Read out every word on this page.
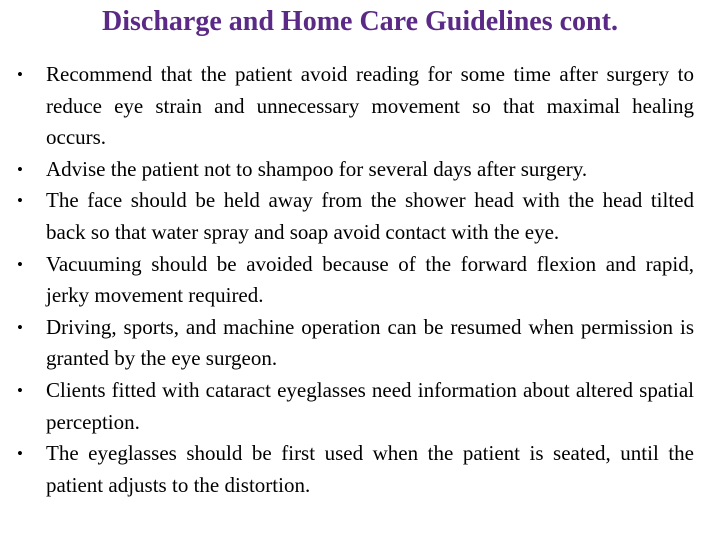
Discharge and Home Care Guidelines cont.
• Recommend that the patient avoid reading for some time after surgery to reduce eye strain and unnecessary movement so that maximal healing occurs.
• Advise the patient not to shampoo for several days after surgery.
• The face should be held away from the shower head with the head tilted back so that water spray and soap avoid contact with the eye.
• Vacuuming should be avoided because of the forward flexion and rapid, jerky movement required.
• Driving, sports, and machine operation can be resumed when permission is granted by the eye surgeon.
• Clients fitted with cataract eyeglasses need information about altered spatial perception.
• The eyeglasses should be first used when the patient is seated, until the patient adjusts to the distortion.
